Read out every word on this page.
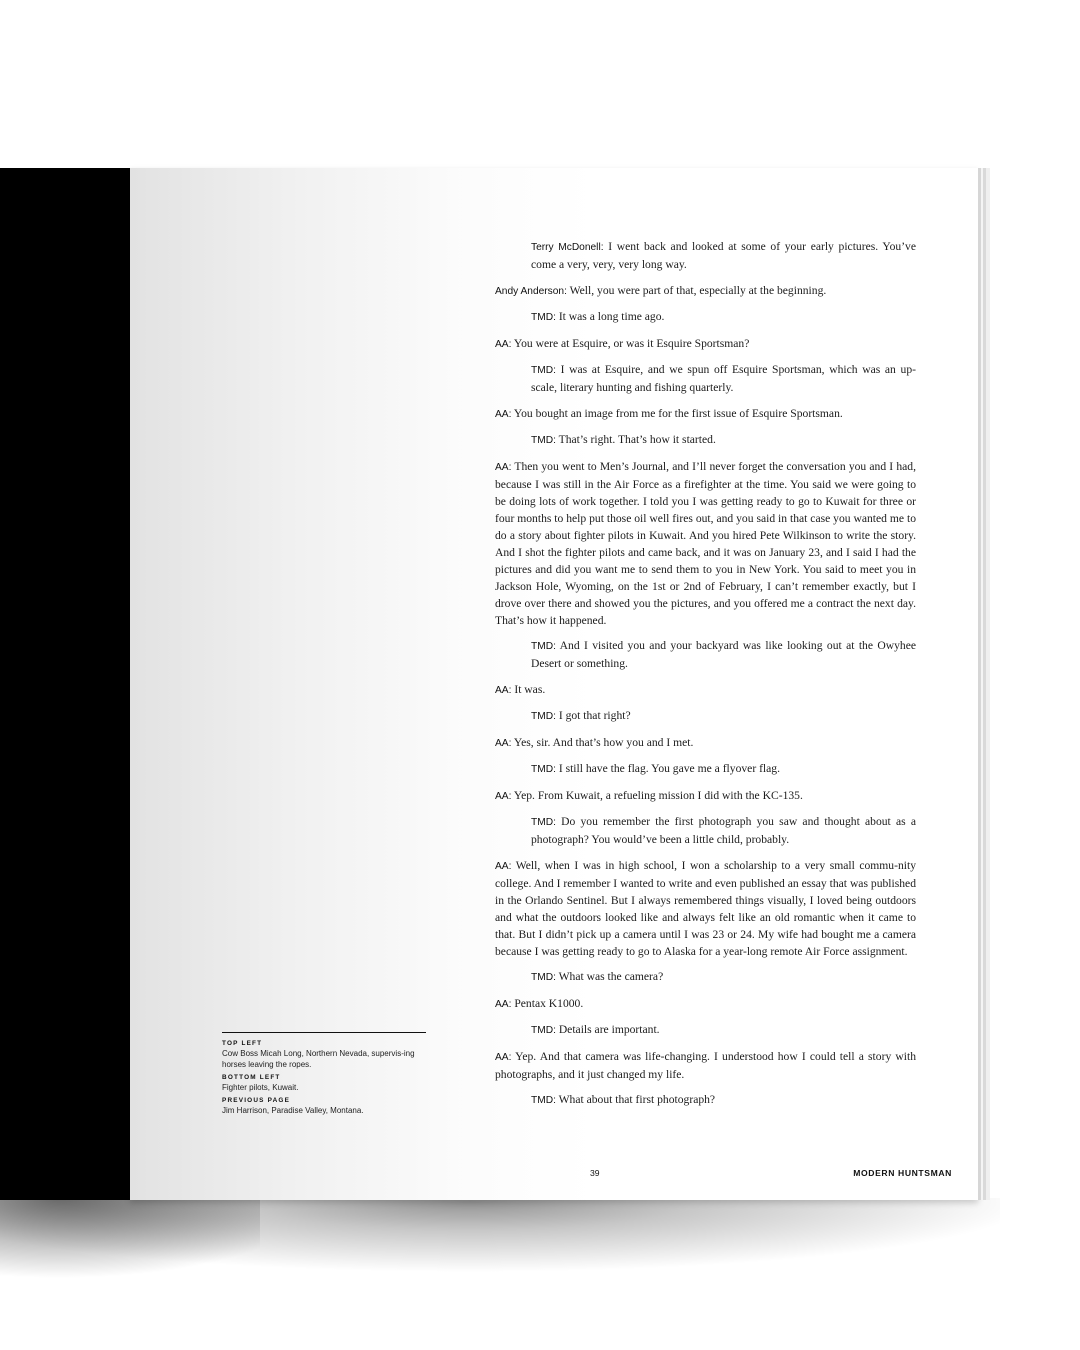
Terry McDonell: I went back and looked at some of your early pictures. You’ve come a very, very, very long way.

Andy Anderson: Well, you were part of that, especially at the beginning.

TMD: It was a long time ago.

AA: You were at Esquire, or was it Esquire Sportsman?

TMD: I was at Esquire, and we spun off Esquire Sportsman, which was an up-scale, literary hunting and fishing quarterly.

AA: You bought an image from me for the first issue of Esquire Sportsman.

TMD: That’s right. That’s how it started.

AA: Then you went to Men’s Journal, and I’ll never forget the conversation you and I had, because I was still in the Air Force as a firefighter at the time. You said we were going to be doing lots of work together. I told you I was getting ready to go to Kuwait for three or four months to help put those oil well fires out, and you said in that case you wanted me to do a story about fighter pilots in Kuwait. And you hired Pete Wilkinson to write the story. And I shot the fighter pilots and came back, and it was on January 23, and I said I had the pictures and did you want me to send them to you in New York. You said to meet you in Jackson Hole, Wyoming, on the 1st or 2nd of February, I can’t remember exactly, but I drove over there and showed you the pictures, and you offered me a contract the next day. That’s how it happened.

TMD: And I visited you and your backyard was like looking out at the Owyhee Desert or something.

AA: It was.

TMD: I got that right?

AA: Yes, sir. And that’s how you and I met.

TMD: I still have the flag. You gave me a flyover flag.

AA: Yep. From Kuwait, a refueling mission I did with the KC-135.

TMD: Do you remember the first photograph you saw and thought about as a photograph? You would’ve been a little child, probably.

AA: Well, when I was in high school, I won a scholarship to a very small commu-nity college. And I remember I wanted to write and even published an essay that was published in the Orlando Sentinel. But I always remembered things visually, I loved being outdoors and what the outdoors looked like and always felt like an old romantic when it came to that. But I didn’t pick up a camera until I was 23 or 24. My wife had bought me a camera because I was getting ready to go to Alaska for a year-long remote Air Force assignment.

TMD: What was the camera?

AA: Pentax K1000.

TMD: Details are important.

AA: Yep. And that camera was life-changing. I understood how I could tell a story with photographs, and it just changed my life.

TMD: What about that first photograph?

TOP LEFT
Cow Boss Micah Long, Northern Nevada, supervis-ing horses leaving the ropes.
BOTTOM LEFT
Fighter pilots, Kuwait.
PREVIOUS PAGE
Jim Harrison, Paradise Valley, Montana.
39	MODERN HUNTSMAN
